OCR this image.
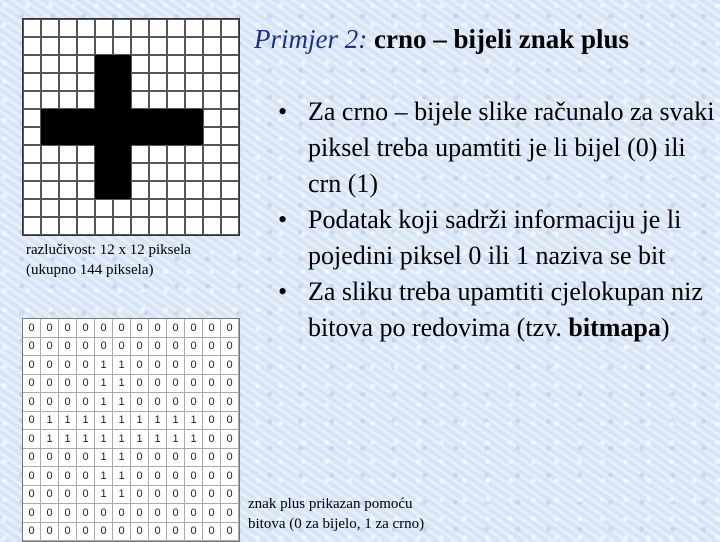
Primjer 2: crno – bijeli znak plus
razlučivost: 12 x 12 piksela
(ukupno 144 piksela)
0	0	0	0	0	0	0	0	0	0	0	0
0	0	0	0	0	0	0	0	0	0	0	0
0	0	0	0	1	1	0	0	0	0	0	0
0	0	0	0	1	1	0	0	0	0	0	0
0	0	0	0	1	1	0	0	0	0	0	0
0	1	1	1	1	1	1	1	1	1	0	0
0	1	1	1	1	1	1	1	1	1	0	0
0	0	0	0	1	1	0	0	0	0	0	0
0	0	0	0	1	1	0	0	0	0	0	0
0	0	0	0	1	1	0	0	0	0	0	0
0	0	0	0	0	0	0	0	0	0	0	0
0	0	0	0	0	0	0	0	0	0	0	0
• Za crno – bijele slike računalo za svaki piksel treba upamtiti je li bijel (0) ili crn (1)
• Podatak koji sadrži informaciju je li pojedini piksel 0 ili 1 naziva se bit
• Za sliku treba upamtiti cjelokupan niz bitova po redovima (tzv. bitmapa)
znak plus prikazan pomoću
bitova (0 za bijelo, 1 za crno)
